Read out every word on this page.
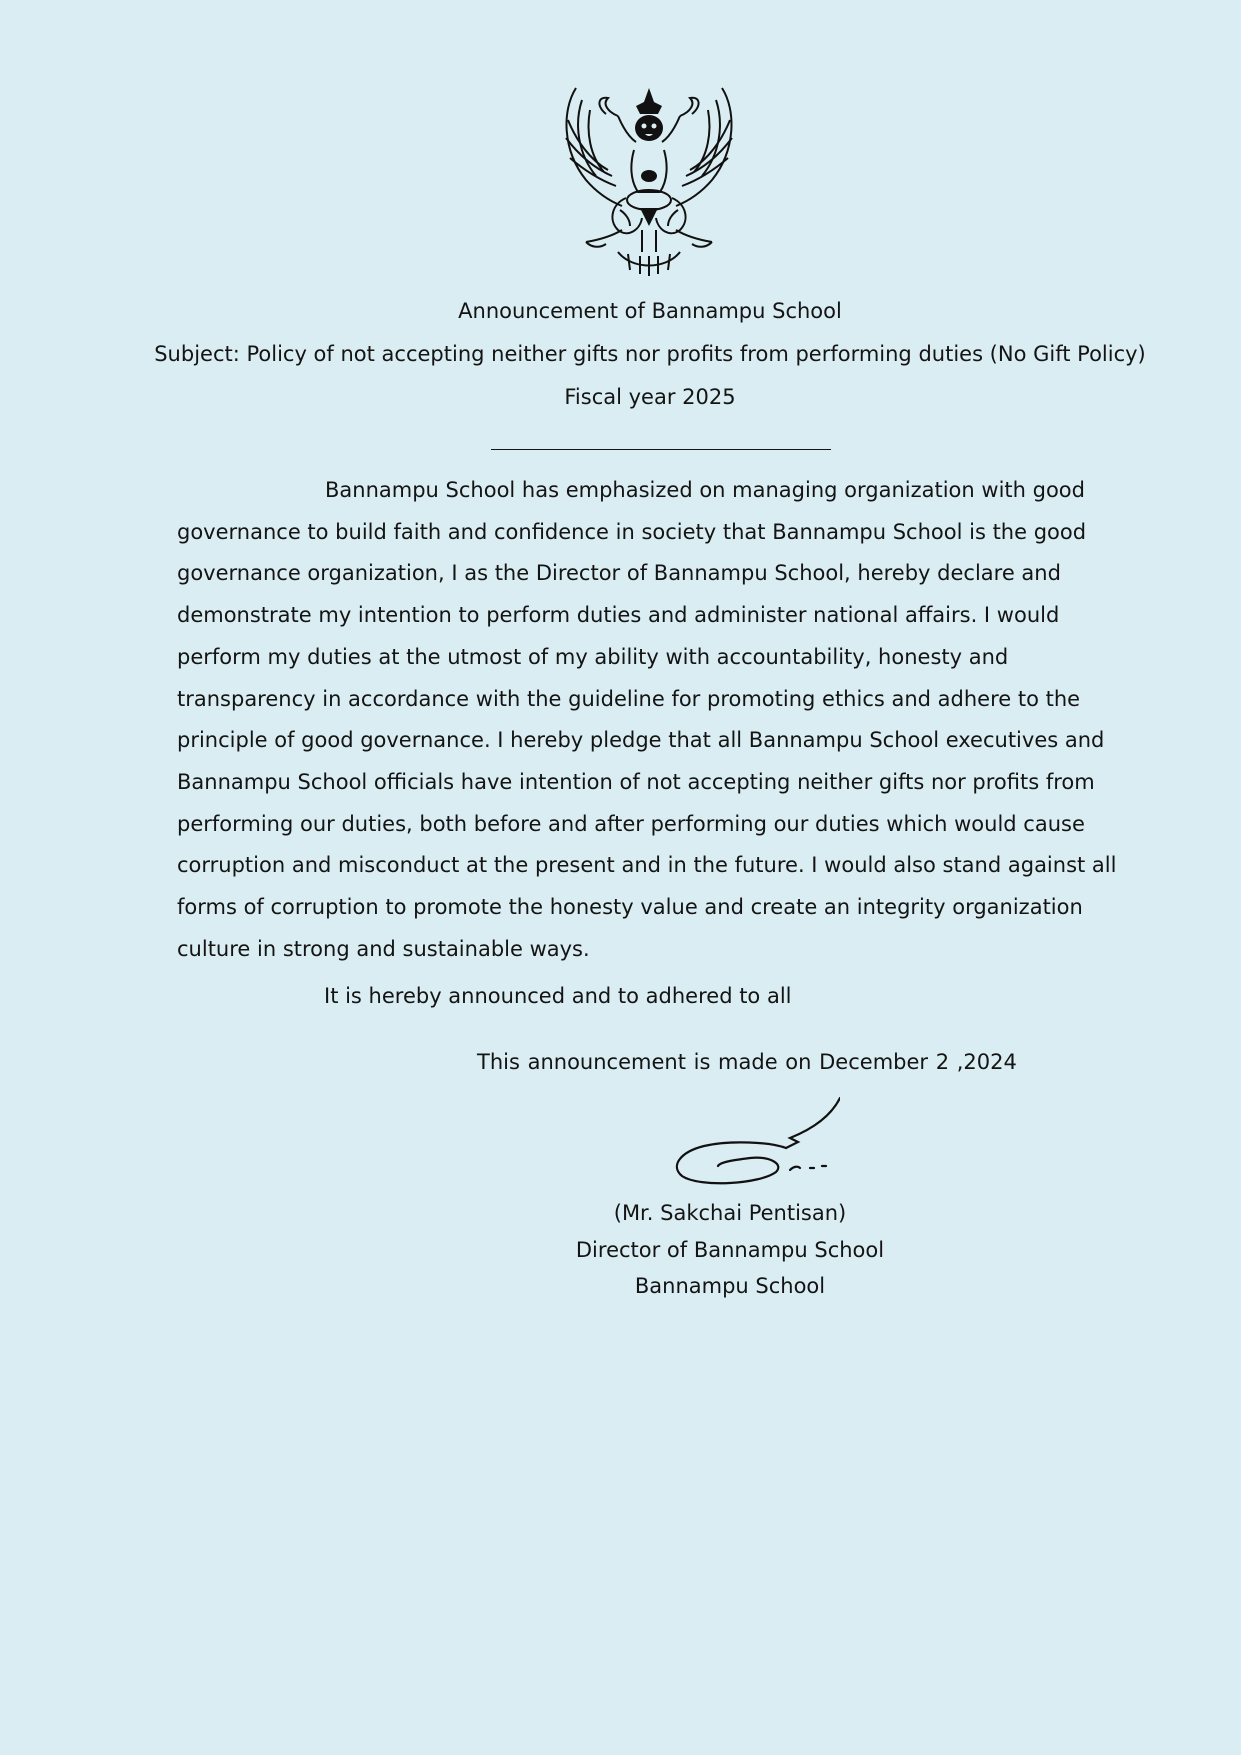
Announcement of Bannampu School
Subject: Policy of not accepting neither gifts nor profits from performing duties (No Gift Policy)
Fiscal year 2025

Bannampu School has emphasized on managing organization with good governance to build faith and confidence in society that Bannampu School is the good governance organization, I as the Director of Bannampu School, hereby declare and demonstrate my intention to perform duties and administer national affairs. I would perform my duties at the utmost of my ability with accountability, honesty and transparency in accordance with the guideline for promoting ethics and adhere to the principle of good governance. I hereby pledge that all Bannampu School executives and Bannampu School officials have intention of not accepting neither gifts nor profits from performing our duties, both before and after performing our duties which would cause corruption and misconduct at the present and in the future. I would also stand against all forms of corruption to promote the honesty value and create an integrity organization culture in strong and sustainable ways.

It is hereby announced and to adhered to all
This announcement is made on December 2 ,2024
(Mr. Sakchai Pentisan)
Director of Bannampu School
Bannampu School
